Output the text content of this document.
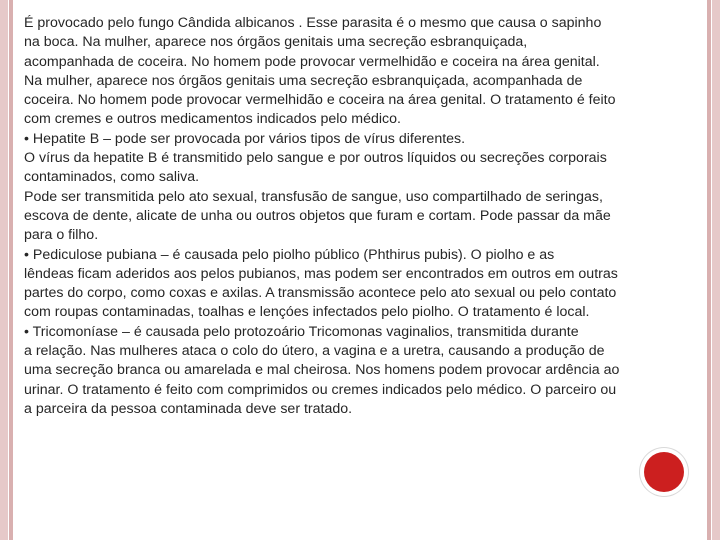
É provocado pelo fungo Cândida albicanos . Esse parasita é o mesmo que causa o sapinho
na boca. Na mulher, aparece nos órgãos genitais uma secreção esbranquiçada,
acompanhada de coceira. No homem pode provocar vermelhidão e coceira na área genital.
Na mulher, aparece nos órgãos genitais uma secreção esbranquiçada, acompanhada de
coceira. No homem pode provocar vermelhidão e coceira na área genital. O tratamento é feito
com cremes e outros medicamentos indicados pelo médico.
• Hepatite B – pode ser provocada por vários tipos de vírus diferentes.
O vírus da hepatite B é transmitido pelo sangue e por outros líquidos ou secreções corporais
contaminados, como saliva.
Pode ser transmitida pelo ato sexual, transfusão de sangue, uso compartilhado de seringas,
escova de dente, alicate de unha ou outros objetos que furam e cortam. Pode passar da mãe
para o filho.
• Pediculose pubiana – é causada pelo piolho público (Phthirus pubis). O piolho e as
lêndeas ficam aderidos aos pelos pubianos, mas podem ser encontrados em outros em outras
partes do corpo, como coxas e axilas. A transmissão acontece pelo ato sexual ou pelo contato
com roupas contaminadas, toalhas e lençóes infectados pelo piolho. O tratamento é local.
• Tricomoníase – é causada pelo protozoário Tricomonas vaginalios, transmitida durante
a relação. Nas mulheres ataca o colo do útero, a vagina e a uretra, causando a produção de
uma secreção branca ou amarelada e mal cheirosa. Nos homens podem provocar ardência ao
urinar. O tratamento é feito com comprimidos ou cremes indicados pelo médico. O parceiro ou
a parceira da pessoa contaminada deve ser tratado.
